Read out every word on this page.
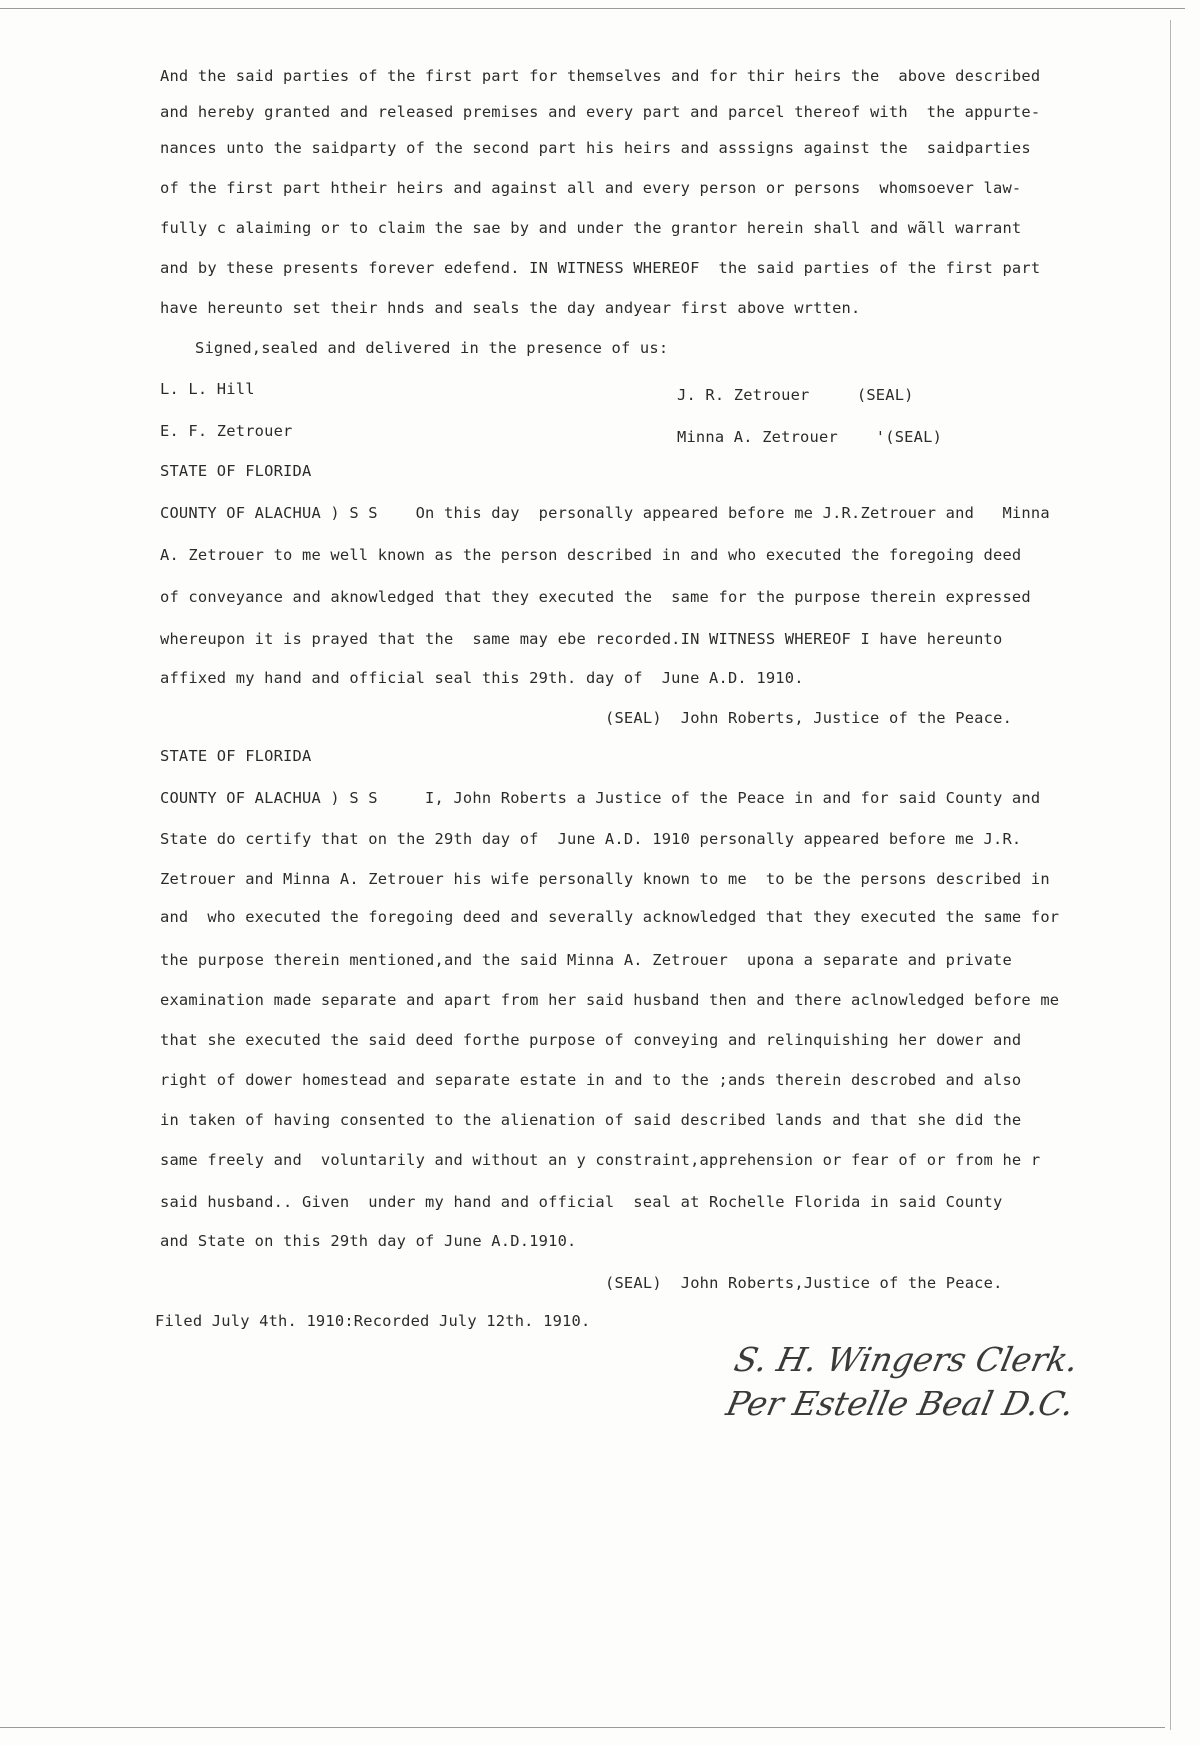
And the said parties of the first part for themselves and for thir heirs the  above described
and hereby granted and released premises and every part and parcel thereof with  the appurte-
nances unto the saidparty of the second part his heirs and asssigns against the  saidparties
of the first part htheir heirs and against all and every person or persons  whomsoever law-
fully c alaiming or to claim the sae by and under the grantor herein shall and wãll warrant
and by these presents forever edefend. IN WITNESS WHEREOF  the said parties of the first part
have hereunto set their hnds and seals the day andyear first above wrtten.
Signed,sealed and delivered in the presence of us:
L. L. Hill	J. R. Zetrouer     (SEAL)
E. F. Zetrouer	Minna A. Zetrouer    '(SEAL)
STATE OF FLORIDA
COUNTY OF ALACHUA ) S S    On this day  personally appeared before me J.R.Zetrouer and   Minna
A. Zetrouer to me well known as the person described in and who executed the foregoing deed
of conveyance and aknowledged that they executed the  same for the purpose therein expressed
whereupon it is prayed that the  same may ebe recorded.IN WITNESS WHEREOF I have hereunto
affixed my hand and official seal this 29th. day of  June A.D. 1910.
(SEAL)  John Roberts, Justice of the Peace.
STATE OF FLORIDA
COUNTY OF ALACHUA ) S S     I, John Roberts a Justice of the Peace in and for said County and
State do certify that on the 29th day of  June A.D. 1910 personally appeared before me J.R.
Zetrouer and Minna A. Zetrouer his wife personally known to me  to be the persons described in
and  who executed the foregoing deed and severally acknowledged that they executed the same for
the purpose therein mentioned,and the said Minna A. Zetrouer  upona a separate and private
examination made separate and apart from her said husband then and there aclnowledged before me
that she executed the said deed forthe purpose of conveying and relinquishing her dower and
right of dower homestead and separate estate in and to the ;ands therein descrobed and also
in taken of having consented to the alienation of said described lands and that she did the
same freely and  voluntarily and without an y constraint,apprehension or fear of or from he r
said husband.. Given  under my hand and official  seal at Rochelle Florida in said County
and State on this 29th day of June A.D.1910.
(SEAL)  John Roberts,Justice of the Peace.
Filed July 4th. 1910:Recorded July 12th. 1910.
S. H. Wingers Clerk.
Per Estelle Beal D.C.
